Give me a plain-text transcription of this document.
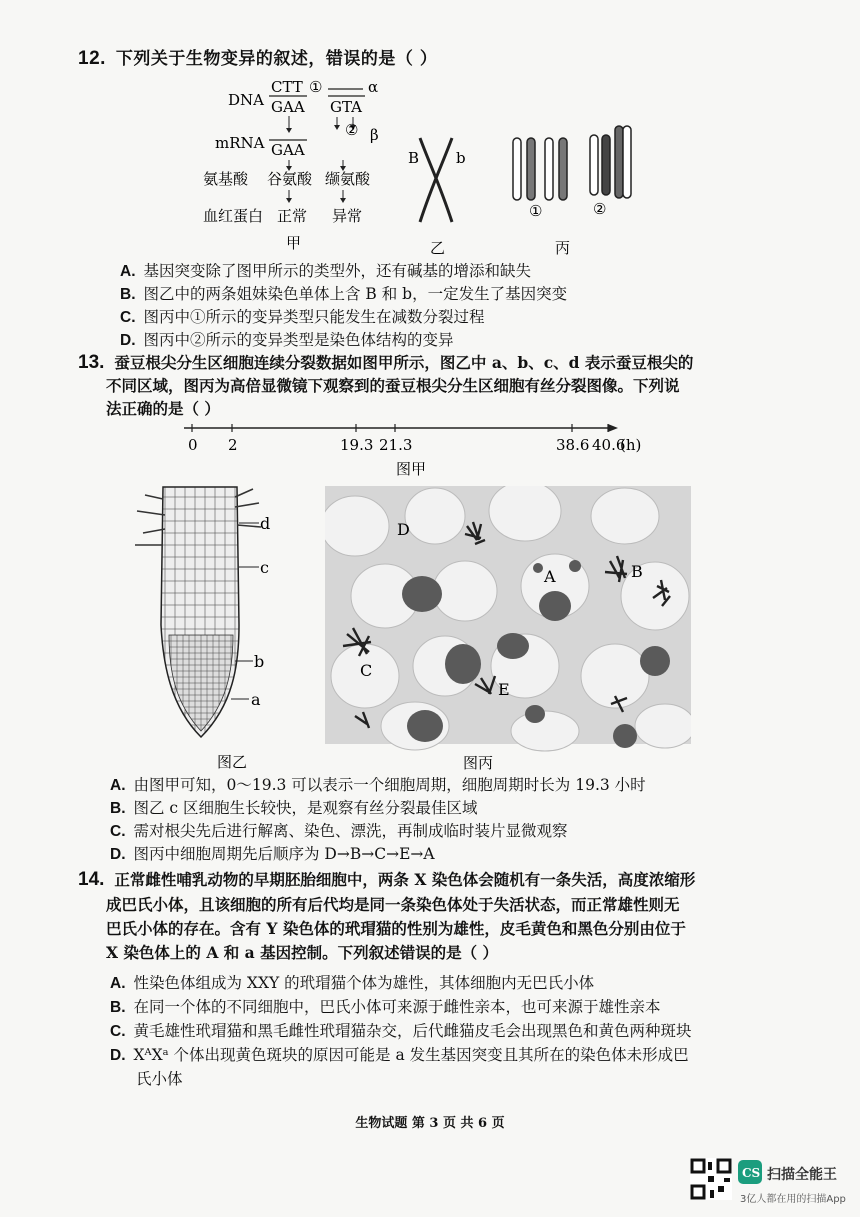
12. 下列关于生物变异的叙述，错误的是（ ）
DNA
CTT ①	α
GAA GTA
② β
mRNA GAA
氨基酸 谷氨酸 缬氨酸
血红蛋白 正常 异常
甲
B b
乙
①	②
丙
A. 基因突变除了图甲所示的类型外，还有碱基的增添和缺失
B. 图乙中的两条姐妹染色单体上含 B 和 b，一定发生了基因突变
C. 图丙中①所示的变异类型只能发生在减数分裂过程
D. 图丙中②所示的变异类型是染色体结构的变异
13. 蚕豆根尖分生区细胞连续分裂数据如图甲所示，图乙中 a、b、c、d 表示蚕豆根尖的
不同区域，图丙为高倍显微镜下观察到的蚕豆根尖分生区细胞有丝分裂图像。下列说
法正确的是（ ）
0 2	19.3 21.3	38.6 40.6
(h)
图甲
d
c
b
a
图乙
D
A	B
C
E
图丙
A. 由图甲可知，0～19.3 可以表示一个细胞周期，细胞周期时长为 19.3 小时
B. 图乙 c 区细胞生长较快，是观察有丝分裂最佳区域
C. 需对根尖先后进行解离、染色、漂洗，再制成临时装片显微观察
D. 图丙中细胞周期先后顺序为 D→B→C→E→A
14. 正常雌性哺乳动物的早期胚胎细胞中，两条 X 染色体会随机有一条失活，高度浓缩形
成巴氏小体，且该细胞的所有后代均是同一条染色体处于失活状态，而正常雄性则无
巴氏小体的存在。含有 Y 染色体的玳瑁猫的性别为雄性，皮毛黄色和黑色分别由位于
X 染色体上的 A 和 a 基因控制。下列叙述错误的是（ ）
A. 性染色体组成为 XXY 的玳瑁猫个体为雄性，其体细胞内无巴氏小体
B. 在同一个体的不同细胞中，巴氏小体可来源于雌性亲本，也可来源于雄性亲本
C. 黄毛雄性玳瑁猫和黑毛雌性玳瑁猫杂交，后代雌猫皮毛会出现黑色和黄色两种斑块
D. XᴬXᵃ 个体出现黄色斑块的原因可能是 a 发生基因突变且其所在的染色体未形成巴
氏小体
生物试题 第 3 页 共 6 页
CS 扫描全能王
3亿人都在用的扫描App
